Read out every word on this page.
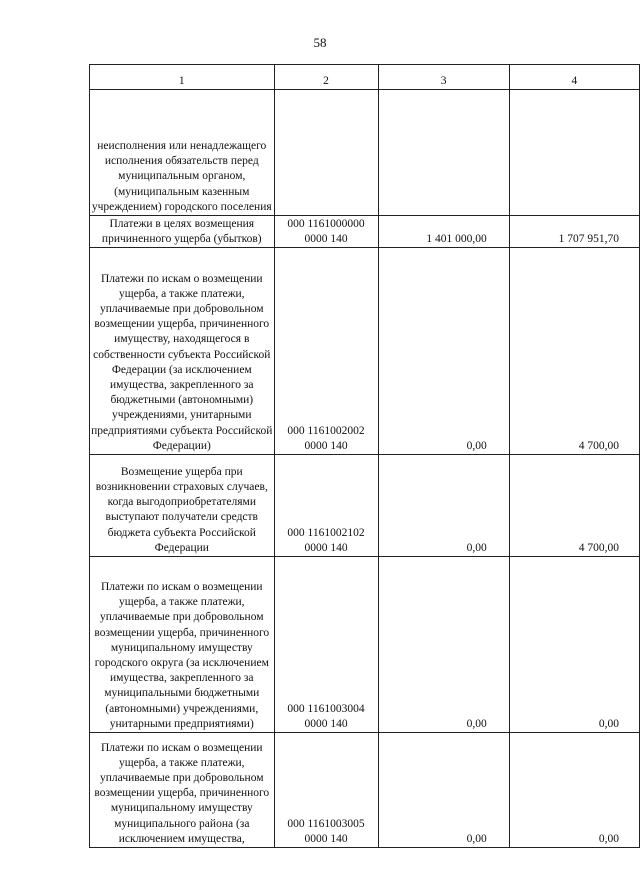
58
1	2	3	4
неисполнения или ненадлежащего исполнения обязательств перед муниципальным органом, (муниципальным казенным учреждением) городского поселения			
Платежи в целях возмещения причиненного ущерба (убытков)	000 1161000000 0000 140	1 401 000,00	1 707 951,70
Платежи по искам о возмещении ущерба, а также платежи, уплачиваемые при добровольном возмещении ущерба, причиненного имуществу, находящегося в собственности субъекта Российской Федерации (за исключением имущества, закрепленного за бюджетными (автономными) учреждениями, унитарными предприятиями субъекта Российской Федерации)	000 1161002002 0000 140	0,00	4 700,00
Возмещение ущерба при возникновении страховых случаев, когда выгодоприобретателями выступают получатели средств бюджета субъекта Российской Федерации	000 1161002102 0000 140	0,00	4 700,00
Платежи по искам о возмещении ущерба, а также платежи, уплачиваемые при добровольном возмещении ущерба, причиненного муниципальному имуществу городского округа (за исключением имущества, закрепленного за муниципальными бюджетными (автономными) учреждениями, унитарными предприятиями)	000 1161003004 0000 140	0,00	0,00
Платежи по искам о возмещении ущерба, а также платежи, уплачиваемые при добровольном возмещении ущерба, причиненного муниципальному имуществу муниципального района (за исключением имущества,	000 1161003005 0000 140	0,00	0,00
